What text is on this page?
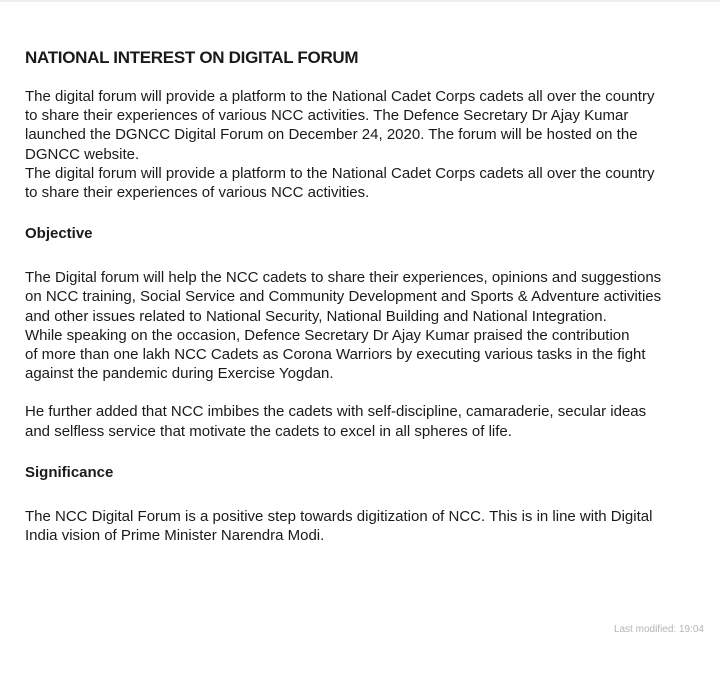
NATIONAL INTEREST ON DIGITAL FORUM

The digital forum will provide a platform to the National Cadet Corps cadets all over the country
to share their experiences of various NCC activities. The Defence Secretary Dr Ajay Kumar
launched the DGNCC Digital Forum on December 24, 2020. The forum will be hosted on the
DGNCC website.

The digital forum will provide a platform to the National Cadet Corps cadets all over the country
to share their experiences of various NCC activities.

Objective

The Digital forum will help the NCC cadets to share their experiences, opinions and suggestions
on NCC training, Social Service and Community Development and Sports & Adventure activities
and other issues related to National Security, National Building and National Integration.

While speaking on the occasion, Defence Secretary Dr Ajay Kumar praised the contribution
of more than one lakh NCC Cadets as Corona Warriors by executing various tasks in the fight
against the pandemic during Exercise Yogdan.

He further added that NCC imbibes the cadets with self-discipline, camaraderie, secular ideas
and selfless service that motivate the cadets to excel in all spheres of life.

Significance

The NCC Digital Forum is a positive step towards digitization of NCC. This is in line with Digital
India vision of Prime Minister Narendra Modi.

Last modified: 19:04
